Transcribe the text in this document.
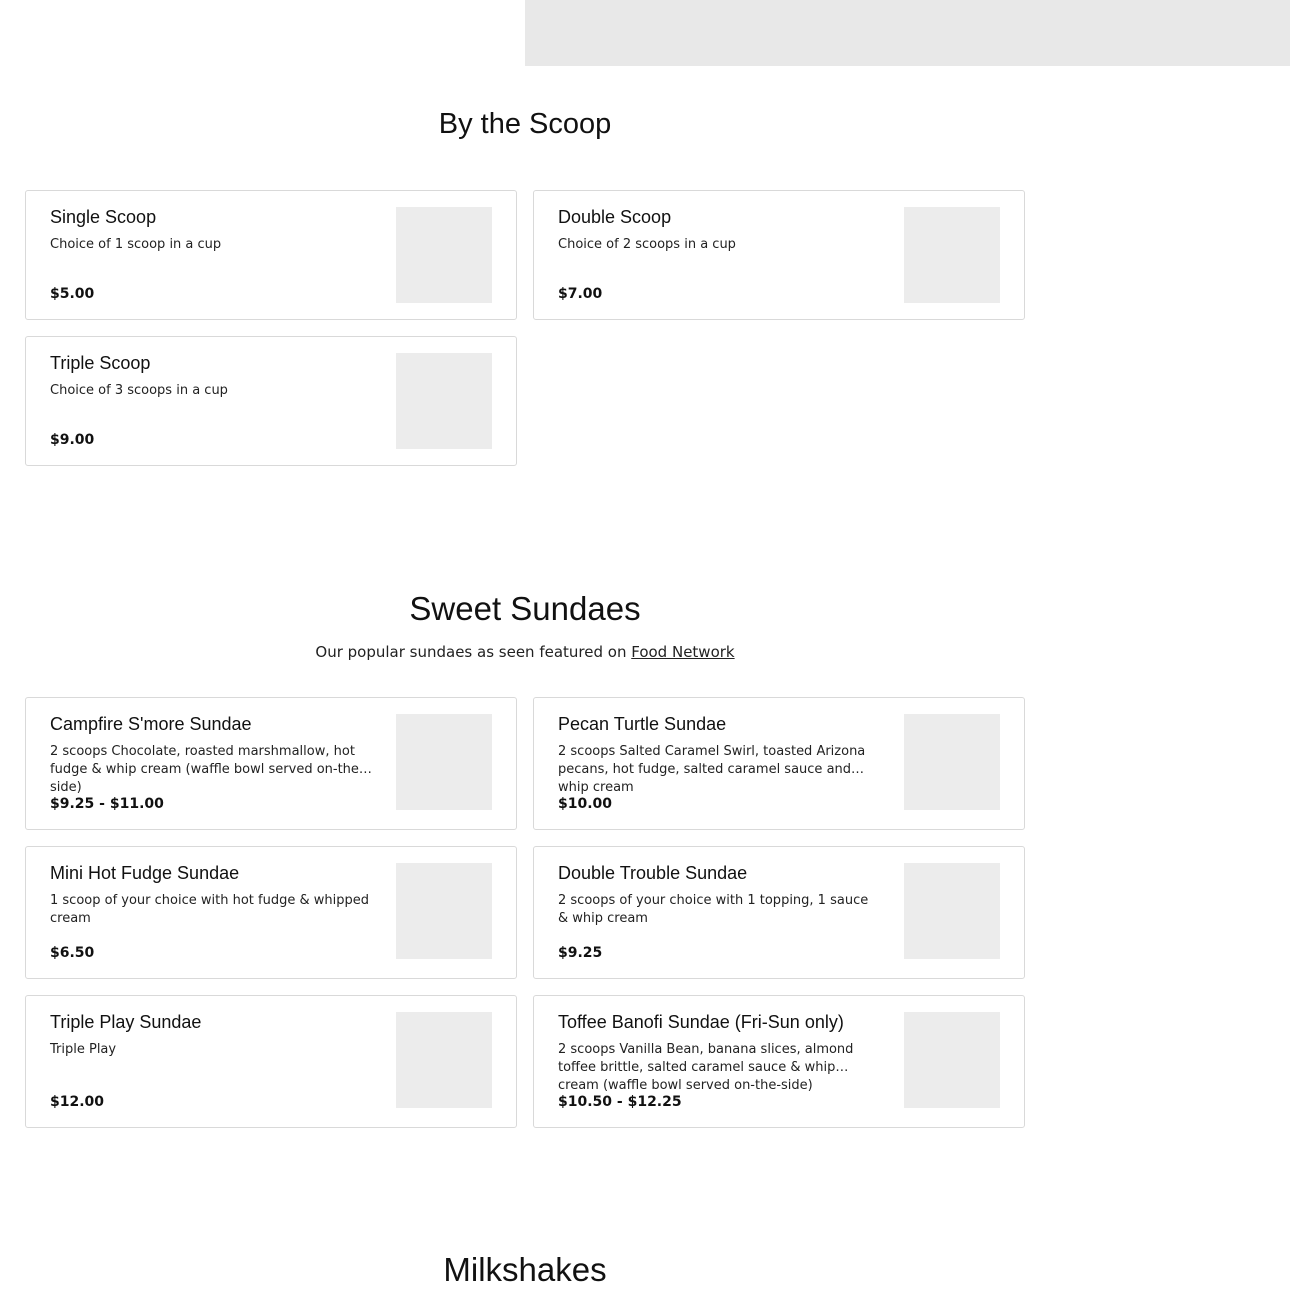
By the Scoop
Single Scoop
Choice of 1 scoop in a cup
$5.00
Double Scoop
Choice of 2 scoops in a cup
$7.00
Triple Scoop
Choice of 3 scoops in a cup
$9.00
Sweet Sundaes

Our popular sundaes as seen featured on Food Network

Campfire S'more Sundae
2 scoops Chocolate, roasted marshmallow, hot fudge & whip cream (waffle bowl served on-the-side)
$9.25 - $11.00
Pecan Turtle Sundae
2 scoops Salted Caramel Swirl, toasted Arizona pecans, hot fudge, salted caramel sauce and whip cream
$10.00
Mini Hot Fudge Sundae
1 scoop of your choice with hot fudge & whipped cream
$6.50
Double Trouble Sundae
2 scoops of your choice with 1 topping, 1 sauce & whip cream
$9.25
Triple Play Sundae
Triple Play
$12.00
Toffee Banofi Sundae (Fri-Sun only)
2 scoops Vanilla Bean, banana slices, almond toffee brittle, salted caramel sauce & whip cream (waffle bowl served on-the-side)
$10.50 - $12.25
Milkshakes
